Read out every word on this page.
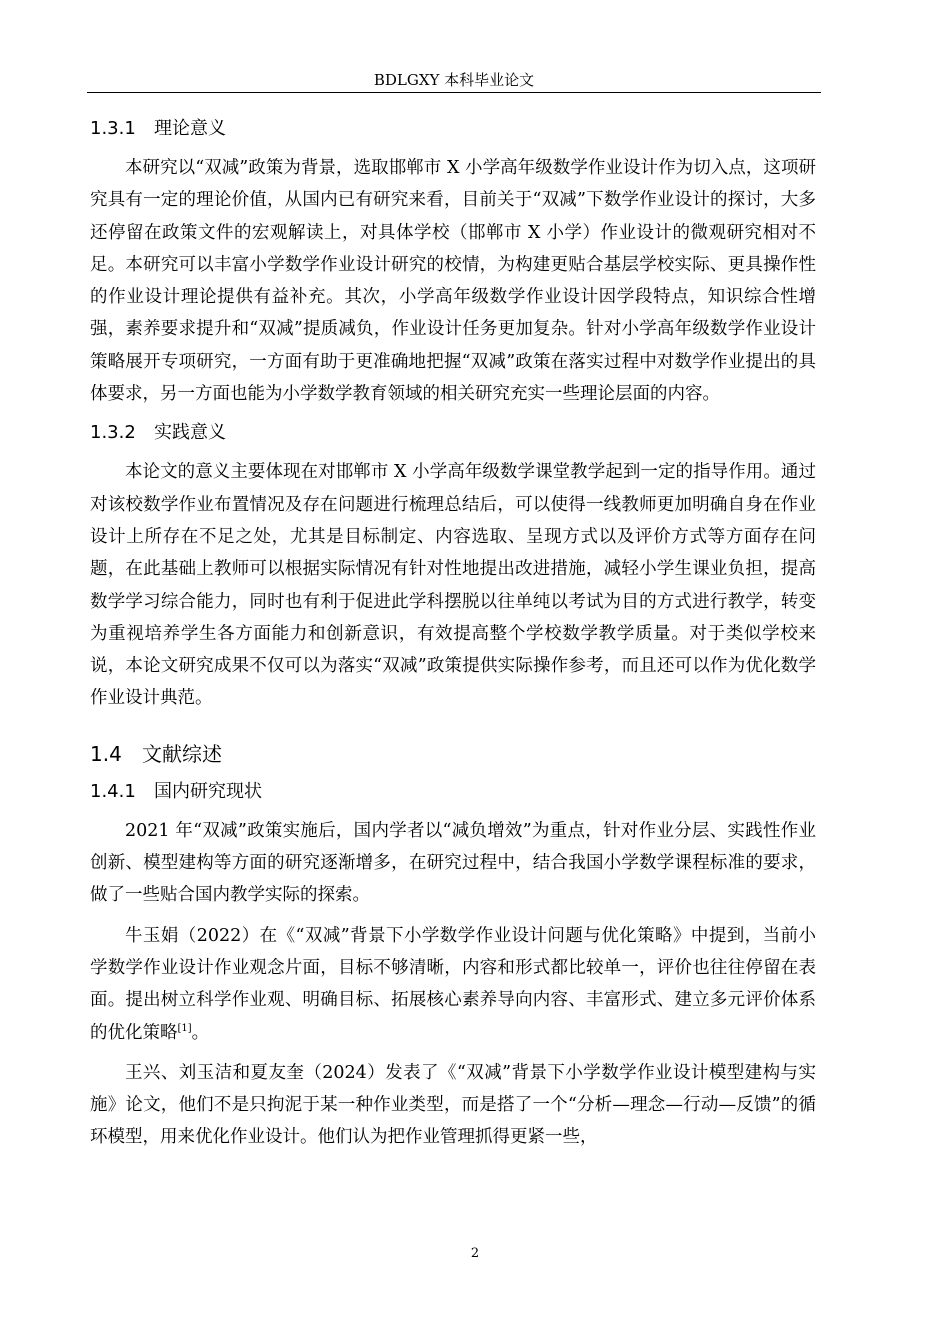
BDLGXY 本科毕业论文
1.3.1	理论意义

本研究以“双减”政策为背景，选取邯郸市 X 小学高年级数学作业设计作为切入点，这项研究具有一定的理论价值，从国内已有研究来看，目前关于“双减”下数学作业设计的探讨，大多还停留在政策文件的宏观解读上，对具体学校（邯郸市 X 小学）作业设计的微观研究相对不足。本研究可以丰富小学数学作业设计研究的校情，为构建更贴合基层学校实际、更具操作性的作业设计理论提供有益补充。其次，小学高年级数学作业设计因学段特点，知识综合性增强，素养要求提升和“双减”提质减负，作业设计任务更加复杂。针对小学高年级数学作业设计策略展开专项研究，一方面有助于更准确地把握“双减”政策在落实过程中对数学作业提出的具体要求，另一方面也能为小学数学教育领域的相关研究充实一些理论层面的内容。

1.3.2	实践意义

本论文的意义主要体现在对邯郸市 X 小学高年级数学课堂教学起到一定的指导作用。通过对该校数学作业布置情况及存在问题进行梳理总结后，可以使得一线教师更加明确自身在作业设计上所存在不足之处，尤其是目标制定、内容选取、呈现方式以及评价方式等方面存在问题，在此基础上教师可以根据实际情况有针对性地提出改进措施，减轻小学生课业负担，提高数学学习综合能力，同时也有利于促进此学科摆脱以往单纯以考试为目的方式进行教学，转变为重视培养学生各方面能力和创新意识，有效提高整个学校数学教学质量。对于类似学校来说，本论文研究成果不仅可以为落实“双减”政策提供实际操作参考，而且还可以作为优化数学作业设计典范。

1.4	文献综述
1.4.1	国内研究现状

2021 年“双减”政策实施后，国内学者以“减负增效”为重点，针对作业分层、实践性作业创新、模型建构等方面的研究逐渐增多，在研究过程中，结合我国小学数学课程标准的要求，做了一些贴合国内教学实际的探索。

牛玉娟（2022）在《“双减”背景下小学数学作业设计问题与优化策略》中提到，当前小学数学作业设计作业观念片面，目标不够清晰，内容和形式都比较单一，评价也往往停留在表面。提出树立科学作业观、明确目标、拓展核心素养导向内容、丰富形式、建立多元评价体系的优化策略[1]。

王兴、刘玉洁和夏友奎（2024）发表了《“双减”背景下小学数学作业设计模型建构与实施》论文，他们不是只拘泥于某一种作业类型，而是搭了一个“分析—理念—行动—反馈”的循环模型，用来优化作业设计。他们认为把作业管理抓得更紧一些，

2
